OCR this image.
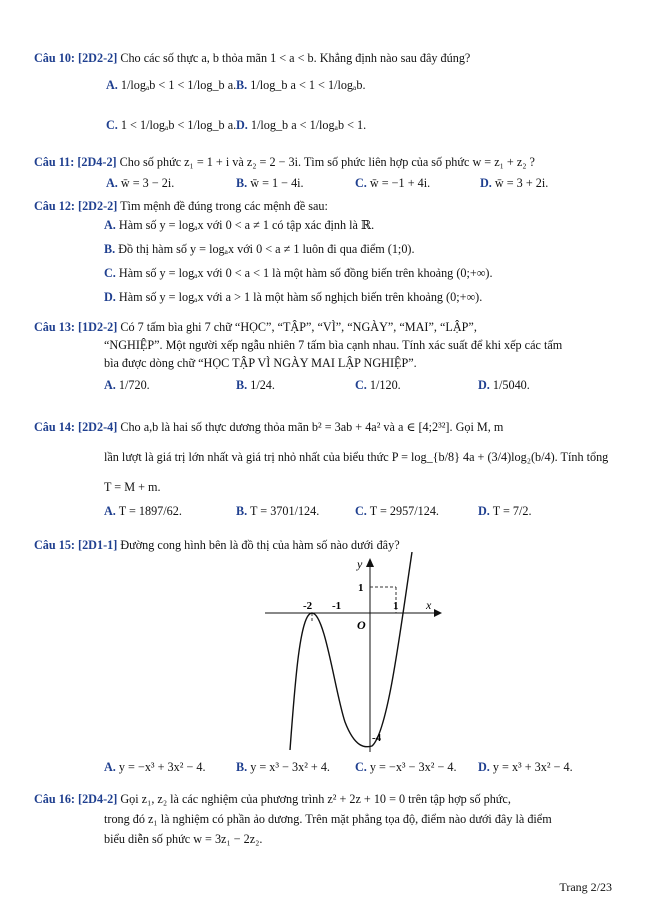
Câu 10: [2D2-2] Cho các số thực a, b thỏa mãn 1 < a < b. Khẳng định nào sau đây đúng?
A. 1/logₐb < 1 < 1/log_b a. B. 1/log_b a < 1 < 1/logₐb.
C. 1 < 1/logₐb < 1/log_b a. D. 1/log_b a < 1/logₐb < 1.
Câu 11: [2D4-2] Cho số phức z₁ = 1 + i và z₂ = 2 − 3i. Tìm số phức liên hợp của số phức w = z₁ + z₂ ?
A. w̄ = 3 − 2i.	B. w̄ = 1 − 4i.	C. w̄ = −1 + 4i.	D. w̄ = 3 + 2i.
Câu 12: [2D2-2] Tìm mệnh đề đúng trong các mệnh đề sau:
A. Hàm số y = logₐx với 0 < a ≠ 1 có tập xác định là ℝ.
B. Đồ thị hàm số y = logₐx với 0 < a ≠ 1 luôn đi qua điểm (1;0).
C. Hàm số y = logₐx với 0 < a < 1 là một hàm số đồng biến trên khoảng (0;+∞).
D. Hàm số y = logₐx với a > 1 là một hàm số nghịch biến trên khoảng (0;+∞).
Câu 13: [1D2-2] Có 7 tấm bìa ghi 7 chữ “HỌC”, “TẬP”, “VÌ”, “NGÀY”, “MAI”, “LẬP”,
“NGHIỆP”. Một người xếp ngẫu nhiên 7 tấm bìa cạnh nhau. Tính xác suất để khi xếp các tấm
bìa được dòng chữ “HỌC TẬP VÌ NGÀY MAI LẬP NGHIỆP”.
A. 1/720.	B. 1/24.	C. 1/120.	D. 1/5040.
Câu 14: [2D2-4] Cho a,b là hai số thực dương thỏa mãn b² = 3ab + 4a² và a ∈ [4;2³²]. Gọi M, m
lần lượt là giá trị lớn nhất và giá trị nhỏ nhất của biểu thức P = log_{b/8} 4a + (3/4)log₂(b/4). Tính tổng
T = M + m.
A. T = 1897/62.	B. T = 3701/124.	C. T = 2957/124.	D. T = 7/2.
Câu 15: [2D1-1] Đường cong hình bên là đồ thị của hàm số nào dưới đây?
y
x
O
-2 -1	1
1
-4
A. y = −x³ + 3x² − 4. B. y = x³ − 3x² + 4. C. y = −x³ − 3x² − 4. D. y = x³ + 3x² − 4.
Câu 16: [2D4-2] Gọi z₁, z₂ là các nghiệm của phương trình z² + 2z + 10 = 0 trên tập hợp số phức,
trong đó z₁ là nghiệm có phần ảo dương. Trên mặt phẳng tọa độ, điểm nào dưới đây là điểm
biểu diễn số phức w = 3z₁ − 2z₂.
Trang 2/23
